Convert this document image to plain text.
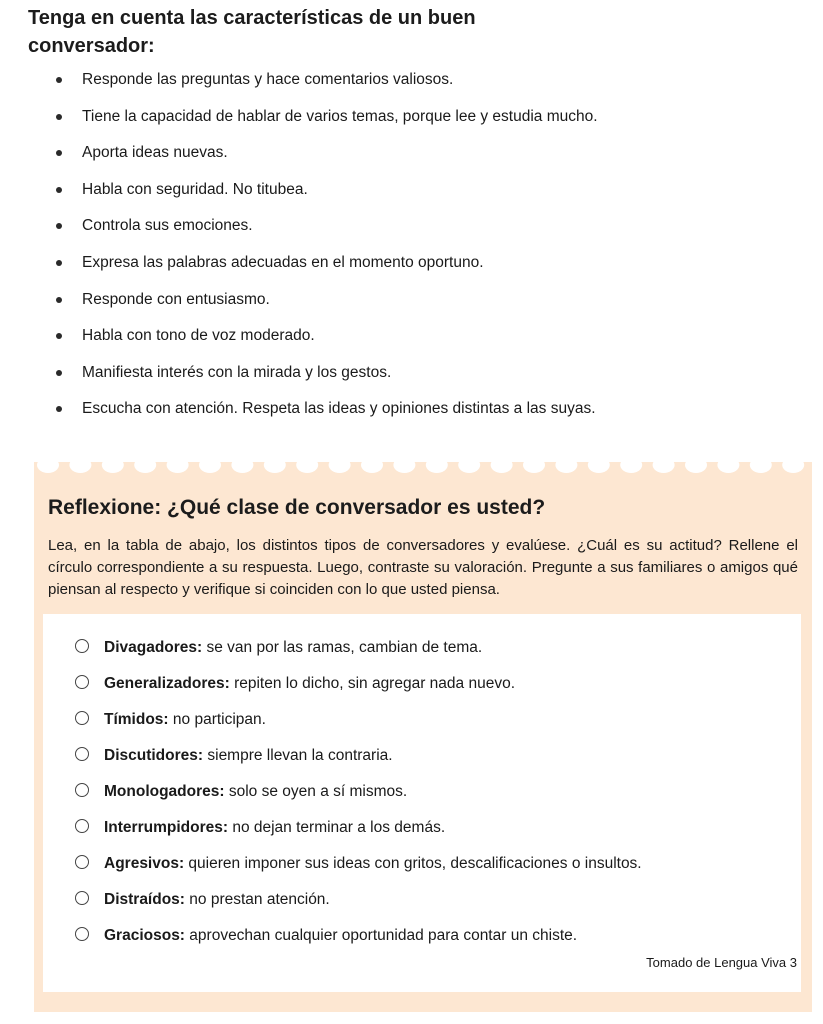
Tenga en cuenta las características de un buen conversador:
Responde las preguntas y hace comentarios valiosos.
Tiene la capacidad de hablar de varios temas, porque lee y estudia mucho.
Aporta ideas nuevas.
Habla con seguridad. No titubea.
Controla sus emociones.
Expresa las palabras adecuadas en el momento oportuno.
Responde con entusiasmo.
Habla con tono de voz moderado.
Manifiesta interés con la mirada y los gestos.
Escucha con atención. Respeta las ideas y opiniones distintas a las suyas.
Reflexione: ¿Qué clase de conversador es usted?

Lea, en la tabla de abajo, los distintos tipos de conversadores y evalúese. ¿Cuál es su actitud? Rellene el círculo correspondiente a su respuesta. Luego, contraste su valoración. Pregunte a sus familiares o amigos qué piensan al respecto y verifique si coinciden con lo que usted piensa.

Divagadores: se van por las ramas, cambian de tema.
Generalizadores: repiten lo dicho, sin agregar nada nuevo.
Tímidos: no participan.
Discutidores: siempre llevan la contraria.
Monologadores: solo se oyen a sí mismos.
Interrumpidores: no dejan terminar a los demás.
Agresivos: quieren imponer sus ideas con gritos, descalificaciones o insultos.
Distraídos: no prestan atención.
Graciosos: aprovechan cualquier oportunidad para contar un chiste.

Tomado de Lengua Viva 3
